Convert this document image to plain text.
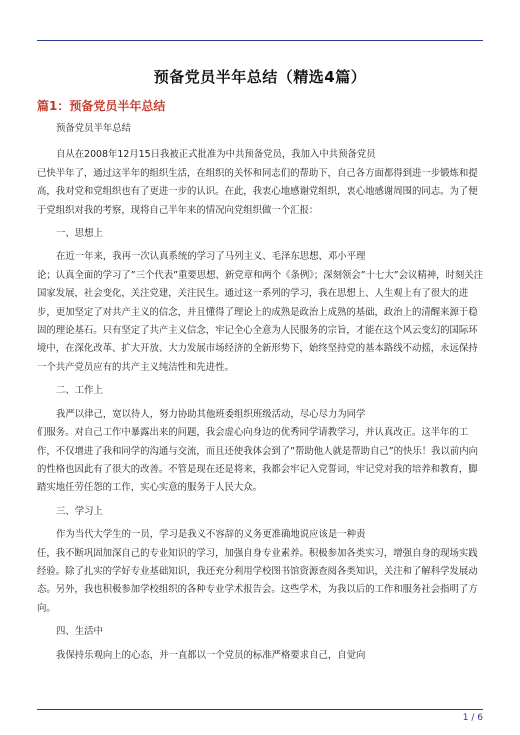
预备党员半年总结（精选4篇）
篇1：预备党员半年总结

预备党员半年总结

自从在2008年12月15日我被正式批准为中共预备党员，我加入中共预备党员

已快半年了，通过这半年的组织生活，在组织的关怀和同志们的帮助下，自己各方面都得到进一步锻炼和提高，我对党和党组织也有了更进一步的认识。在此，我衷心地感谢党组织，衷心地感谢周围的同志。为了便于党组织对我的考察，现将自己半年来的情况向党组织做一个汇报：

一、思想上

在近一年来，我再一次认真系统的学习了马列主义、毛泽东思想、邓小平理

论；认真全面的学习了”三个代表”重要思想、新党章和两个《条例》；深刻领会”十七大”会议精神，时刻关注国家发展，社会变化，关注党建，关注民生。通过这一系列的学习，我在思想上、人生观上有了很大的进步，更加坚定了对共产主义的信念，并且懂得了理论上的成熟是政治上成熟的基础，政治上的清醒来源于稳固的理论基石。只有坚定了共产主义信念，牢记全心全意为人民服务的宗旨，才能在这个风云变幻的国际环境中，在深化改革、扩大开放、大力发展市场经济的全新形势下，始终坚持党的基本路线不动摇，永远保持一个共产党员应有的共产主义纯洁性和先进性。

二、工作上

我严以律己，宽以待人，努力协助其他班委组织班级活动，尽心尽力为同学

们服务。对自己工作中暴露出来的问题，我会虚心向身边的优秀同学请教学习，并认真改正。这半年的工作，不仅增进了我和同学的沟通与交流，而且还使我体会到了”帮助他人就是帮助自己”的快乐！我以前内向的性格也因此有了很大的改善。不管是现在还是将来，我都会牢记入党誓词，牢记党对我的培养和教育，脚踏实地任劳任怨的工作，实心实意的服务于人民大众。

三、学习上

作为当代大学生的一员，学习是我义不容辞的义务更准确地说应该是一种责

任，我不断巩固加深自己的专业知识的学习，加强自身专业素养。积极参加各类实习，增强自身的现场实践经验。除了扎实的学好专业基础知识，我还充分利用学校图书馆资源查阅各类知识，关注和了解科学发展动态。另外，我也积极参加学校组织的各种专业学术报告会。这些学术，为我以后的工作和服务社会指明了方向。

四、生活中

我保持乐观向上的心态，并一直都以一个党员的标准严格要求自己，自觉向

1 / 6
